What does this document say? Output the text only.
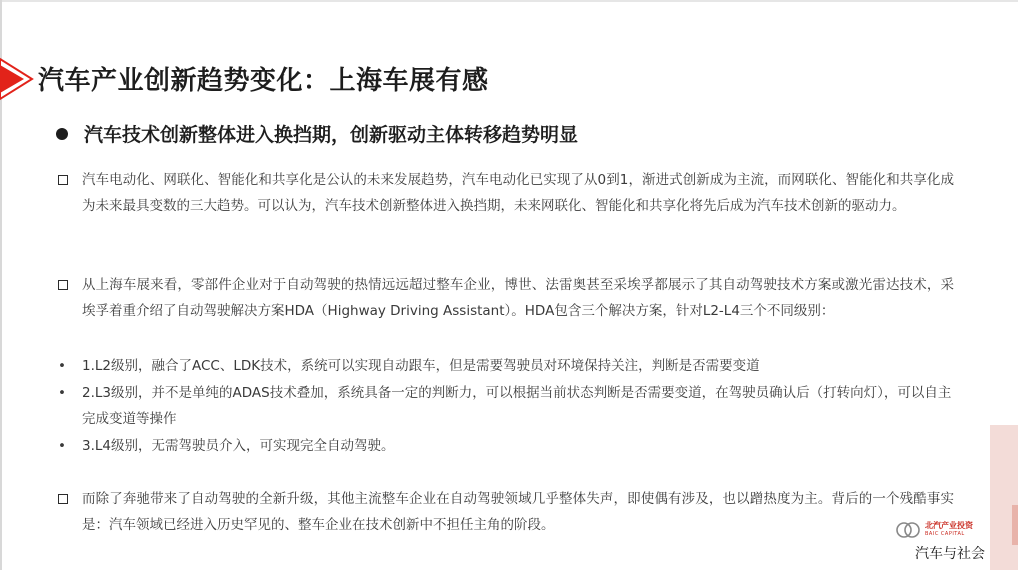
汽车产业创新趋势变化：上海车展有感
汽车技术创新整体进入换挡期，创新驱动主体转移趋势明显
汽车电动化、网联化、智能化和共享化是公认的未来发展趋势，汽车电动化已实现了从0到1，渐进式创新成为主流，而网联化、智能化和共享化成为未来最具变数的三大趋势。可以认为，汽车技术创新整体进入换挡期，未来网联化、智能化和共享化将先后成为汽车技术创新的驱动力。
从上海车展来看，零部件企业对于自动驾驶的热情远远超过整车企业，博世、法雷奥甚至采埃孚都展示了其自动驾驶技术方案或激光雷达技术，采埃孚着重介绍了自动驾驶解决方案HDA（Highway Driving Assistant）。HDA包含三个解决方案，针对L2-L4三个不同级别：
• 1.L2级别，融合了ACC、LDK技术，系统可以实现自动跟车，但是需要驾驶员对环境保持关注，判断是否需要变道
• 2.L3级别，并不是单纯的ADAS技术叠加，系统具备一定的判断力，可以根据当前状态判断是否需要变道，在驾驶员确认后（打转向灯），可以自主完成变道等操作
• 3.L4级别，无需驾驶员介入，可实现完全自动驾驶。
而除了奔驰带来了自动驾驶的全新升级，其他主流整车企业在自动驾驶领域几乎整体失声，即使偶有涉及，也以蹭热度为主。背后的一个残酷事实是：汽车领域已经进入历史罕见的、整车企业在技术创新中不担任主角的阶段。	北汽产业投资
BAIC CAPITAL
汽车与社会
